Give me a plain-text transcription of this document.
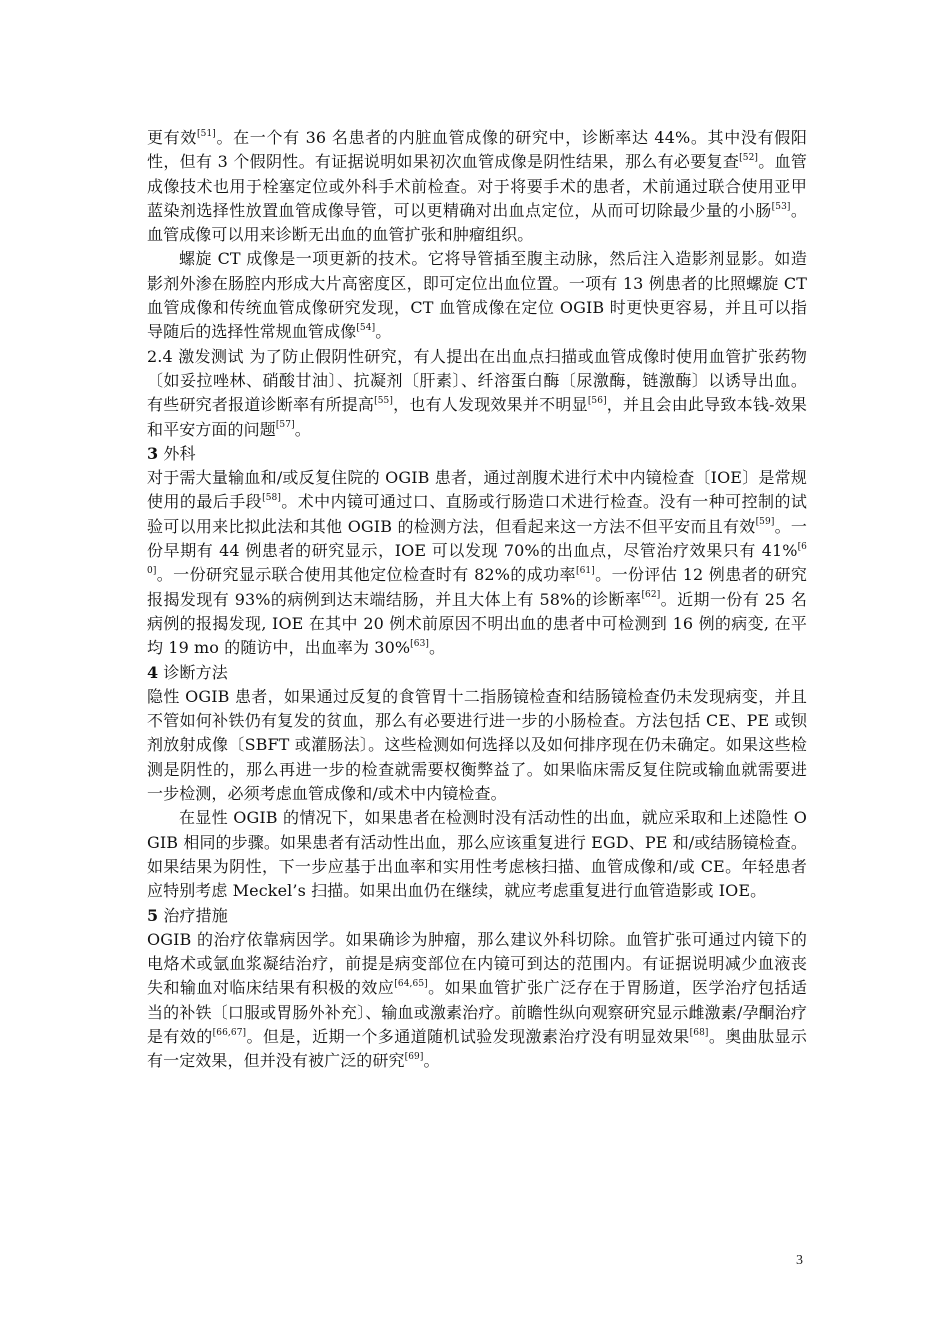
更有效[51]。在一个有 36 名患者的内脏血管成像的研究中，诊断率达 44%。其中没有假阳性，但有 3 个假阴性。有证据说明如果初次血管成像是阴性结果，那么有必要复查[52]。血管成像技术也用于栓塞定位或外科手术前检查。对于将要手术的患者，术前通过联合使用亚甲蓝染剂选择性放置血管成像导管，可以更精确对出血点定位，从而可切除最少量的小肠[53]。血管成像可以用来诊断无出血的血管扩张和肿瘤组织。

螺旋 CT 成像是一项更新的技术。它将导管插至腹主动脉，然后注入造影剂显影。如造影剂外渗在肠腔内形成大片高密度区，即可定位出血位置。一项有 13 例患者的比照螺旋 CT 血管成像和传统血管成像研究发现，CT 血管成像在定位 OGIB 时更快更容易，并且可以指导随后的选择性常规血管成像[54]。

2.4 激发测试 为了防止假阴性研究，有人提出在出血点扫描或血管成像时使用血管扩张药物〔如妥拉唑林、硝酸甘油〕、抗凝剂〔肝素〕、纤溶蛋白酶〔尿激酶，链激酶〕以诱导出血。有些研究者报道诊断率有所提高[55]，也有人发现效果并不明显[56]，并且会由此导致本钱-效果和平安方面的问题[57]。

3 外科

对于需大量输血和/或反复住院的 OGIB 患者，通过剖腹术进行术中内镜检查〔IOE〕是常规使用的最后手段[58]。术中内镜可通过口、直肠或行肠造口术进行检查。没有一种可控制的试验可以用来比拟此法和其他 OGIB 的检测方法，但看起来这一方法不但平安而且有效[59]。一份早期有 44 例患者的研究显示，IOE 可以发现 70%的出血点，尽管治疗效果只有 41%[60]。一份研究显示联合使用其他定位检查时有 82%的成功率[61]。一份评估 12 例患者的研究报揭发现有 93%的病例到达末端结肠，并且大体上有 58%的诊断率[62]。近期一份有 25 名病例的报揭发现, IOE 在其中 20 例术前原因不明出血的患者中可检测到 16 例的病变, 在平均 19 mo 的随访中，出血率为 30%[63]。

4 诊断方法

隐性 OGIB 患者，如果通过反复的食管胃十二指肠镜检查和结肠镜检查仍未发现病变，并且不管如何补铁仍有复发的贫血，那么有必要进行进一步的小肠检查。方法包括 CE、PE 或钡剂放射成像〔SBFT 或灌肠法〕。这些检测如何选择以及如何排序现在仍未确定。如果这些检测是阴性的，那么再进一步的检查就需要权衡弊益了。如果临床需反复住院或输血就需要进一步检测，必须考虑血管成像和/或术中内镜检查。

在显性 OGIB 的情况下，如果患者在检测时没有活动性的出血，就应采取和上述隐性 OGIB 相同的步骤。如果患者有活动性出血，那么应该重复进行 EGD、PE 和/或结肠镜检查。如果结果为阴性，下一步应基于出血率和实用性考虑核扫描、血管成像和/或 CE。年轻患者应特别考虑 Meckel’s 扫描。如果出血仍在继续，就应考虑重复进行血管造影或 IOE。

5 治疗措施

OGIB 的治疗依靠病因学。如果确诊为肿瘤，那么建议外科切除。血管扩张可通过内镜下的电烙术或氩血浆凝结治疗，前提是病变部位在内镜可到达的范围内。有证据说明减少血液丧失和输血对临床结果有积极的效应[64,65]。如果血管扩张广泛存在于胃肠道，医学治疗包括适当的补铁〔口服或胃肠外补充〕、输血或激素治疗。前瞻性纵向观察研究显示雌激素/孕酮治疗是有效的[66,67]。但是，近期一个多通道随机试验发现激素治疗没有明显效果[68]。奥曲肽显示有一定效果，但并没有被广泛的研究[69]。

3
